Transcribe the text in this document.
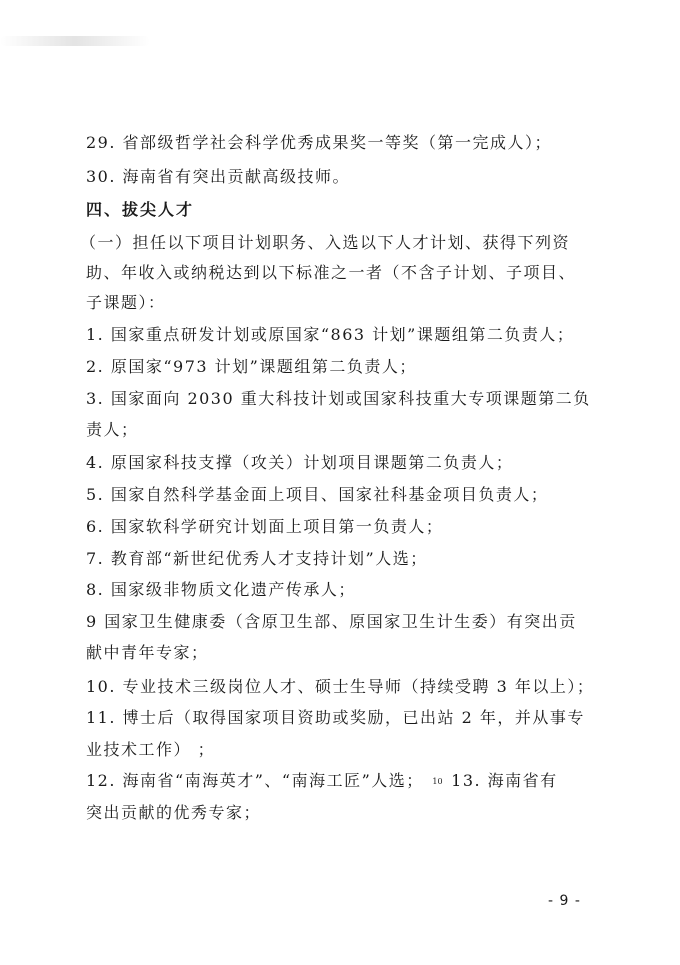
29. 省部级哲学社会科学优秀成果奖一等奖（第一完成人）；
30. 海南省有突出贡献高级技师。
四、拔尖人才
（一）担任以下项目计划职务、入选以下人才计划、获得下列资
助、年收入或纳税达到以下标准之一者（不含子计划、子项目、
子课题）：
1. 国家重点研发计划或原国家“863 计划”课题组第二负责人；
2. 原国家“973 计划”课题组第二负责人；
3. 国家面向 2030 重大科技计划或国家科技重大专项课题第二负
责人；
4. 原国家科技支撑（攻关）计划项目课题第二负责人；
5. 国家自然科学基金面上项目、国家社科基金项目负责人；
6. 国家软科学研究计划面上项目第一负责人；
7. 教育部“新世纪优秀人才支持计划”人选；
8. 国家级非物质文化遗产传承人；
9 国家卫生健康委（含原卫生部、原国家卫生计生委）有突出贡
献中青年专家；
10. 专业技术三级岗位人才、硕士生导师（持续受聘 3 年以上）；
11. 博士后（取得国家项目资助或奖励，已出站 2 年，并从事专
业技术工作） ；
12. 海南省“南海英才”、“南海工匠”人选； 10 13. 海南省有
突出贡献的优秀专家；
- 9 -
